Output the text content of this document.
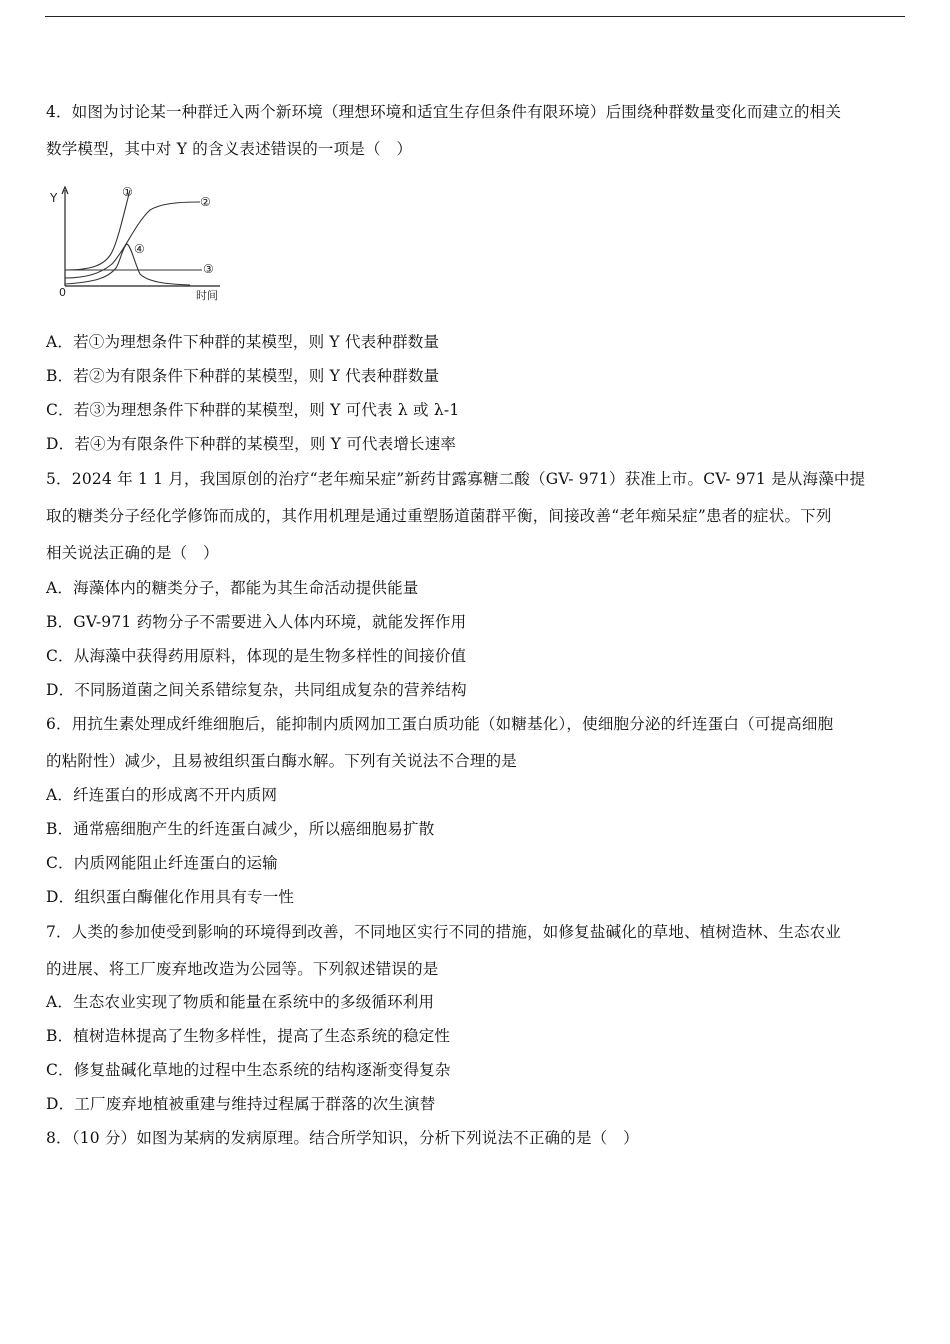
4．如图为讨论某一种群迁入两个新环境（理想环境和适宜生存但条件有限环境）后围绕种群数量变化而建立的相关
数学模型，其中对 Y 的含义表述错误的一项是（　）
Y
0	时间
①
②
④
③
A．若①为理想条件下种群的某模型，则 Y 代表种群数量
B．若②为有限条件下种群的某模型，则 Y 代表种群数量
C．若③为理想条件下种群的某模型，则 Y 可代表 λ 或 λ-1
D．若④为有限条件下种群的某模型，则 Y 可代表增长速率
5．2024 年 1 1 月，我国原创的治疗“老年痴呆症”新药甘露寡糖二酸（GV- 971）获准上市。CV- 971 是从海藻中提
取的糖类分子经化学修饰而成的，其作用机理是通过重塑肠道菌群平衡，间接改善“老年痴呆症”患者的症状。下列
相关说法正确的是（　）
A．海藻体内的糖类分子，都能为其生命活动提供能量
B．GV-971 药物分子不需要进入人体内环境，就能发挥作用
C．从海藻中获得药用原料，体现的是生物多样性的间接价值
D．不同肠道菌之间关系错综复杂，共同组成复杂的营养结构
6．用抗生素处理成纤维细胞后，能抑制内质网加工蛋白质功能（如糖基化），使细胞分泌的纤连蛋白（可提高细胞
的粘附性）减少，且易被组织蛋白酶水解。下列有关说法不合理的是
A．纤连蛋白的形成离不开内质网
B．通常癌细胞产生的纤连蛋白减少，所以癌细胞易扩散
C．内质网能阻止纤连蛋白的运输
D．组织蛋白酶催化作用具有专一性
7．人类的参加使受到影响的环境得到改善，不同地区实行不同的措施，如修复盐碱化的草地、植树造林、生态农业
的进展、将工厂废弃地改造为公园等。下列叙述错误的是
A．生态农业实现了物质和能量在系统中的多级循环利用
B．植树造林提高了生物多样性，提高了生态系统的稳定性
C．修复盐碱化草地的过程中生态系统的结构逐渐变得复杂
D．工厂废弃地植被重建与维持过程属于群落的次生演替
8．（10 分）如图为某病的发病原理。结合所学知识，分析下列说法不正确的是（　）
